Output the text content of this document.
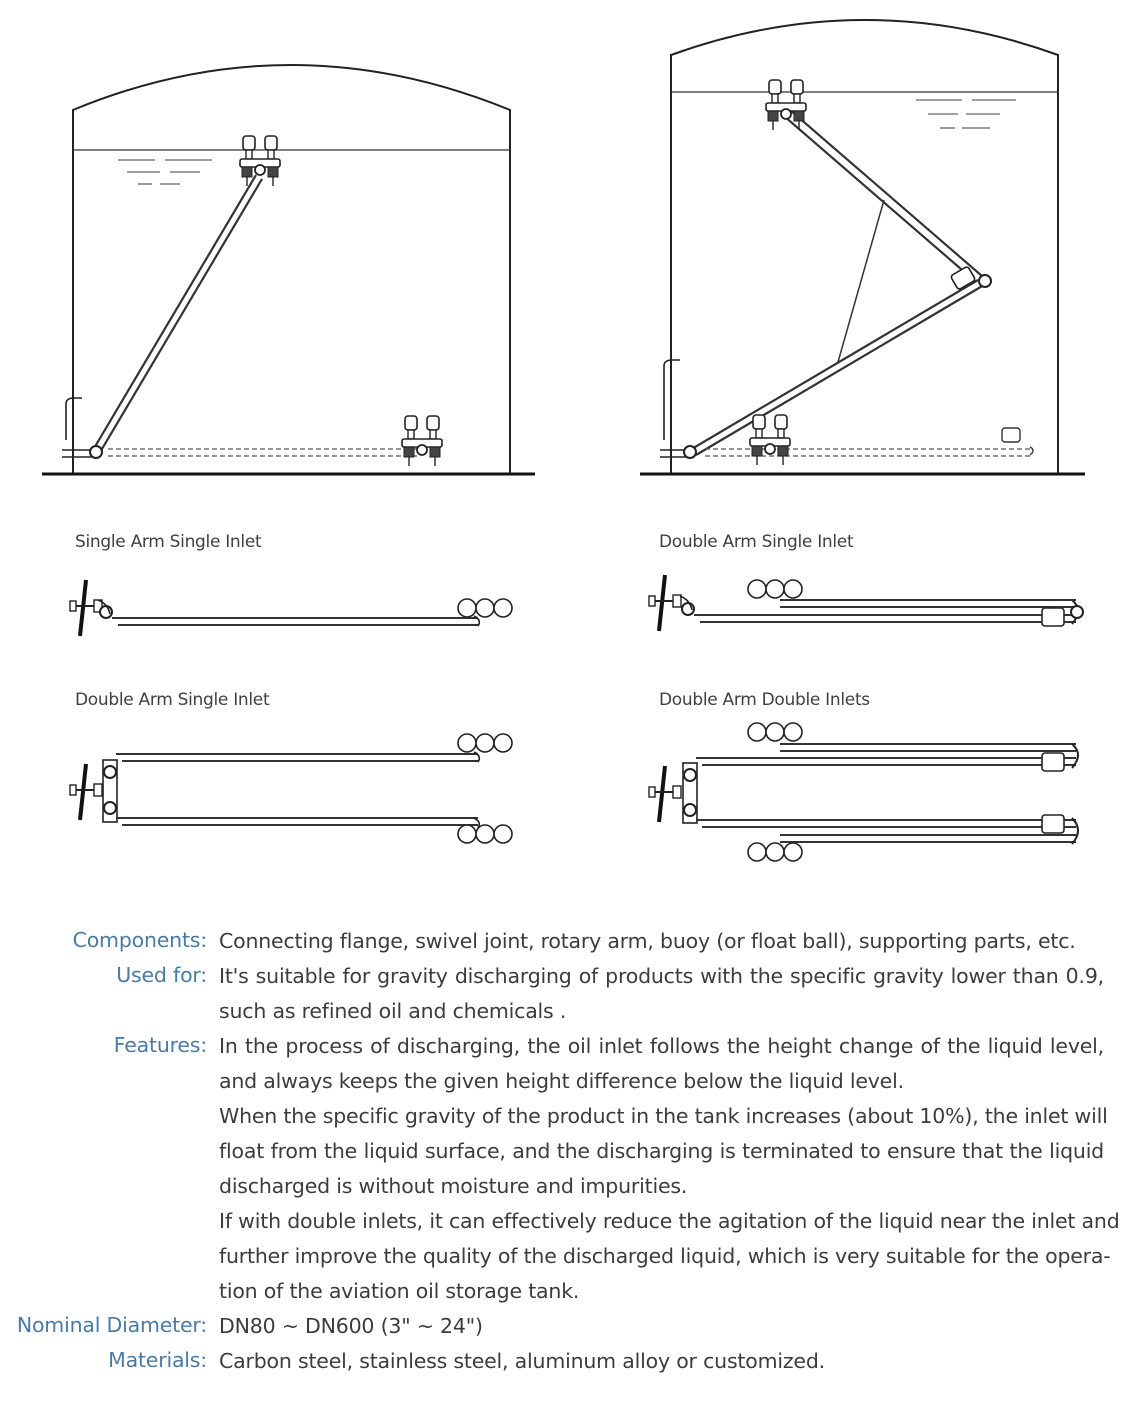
Single Arm Single Inlet	Double Arm Single Inlet
Double Arm Single Inlet	Double Arm Double Inlets
Components: Connecting flange, swivel joint, rotary arm, buoy (or float ball), supporting parts, etc.
Used for: It's suitable for gravity discharging of products with the specific gravity lower than 0.9,
such as refined oil and chemicals .
Features: In the process of discharging, the oil inlet follows the height change of the liquid level,
and always keeps the given height difference below the liquid level.
When the specific gravity of the product in the tank increases (about 10%), the inlet will
float from the liquid surface, and the discharging is terminated to ensure that the liquid
discharged is without moisture and impurities.
If with double inlets, it can effectively reduce the agitation of the liquid near the inlet and
further improve the quality of the discharged liquid, which is very suitable for the opera-
tion of the aviation oil storage tank.
Nominal Diameter: DN80 ~ DN600 (3" ~ 24")
Materials: Carbon steel, stainless steel, aluminum alloy or customized.
